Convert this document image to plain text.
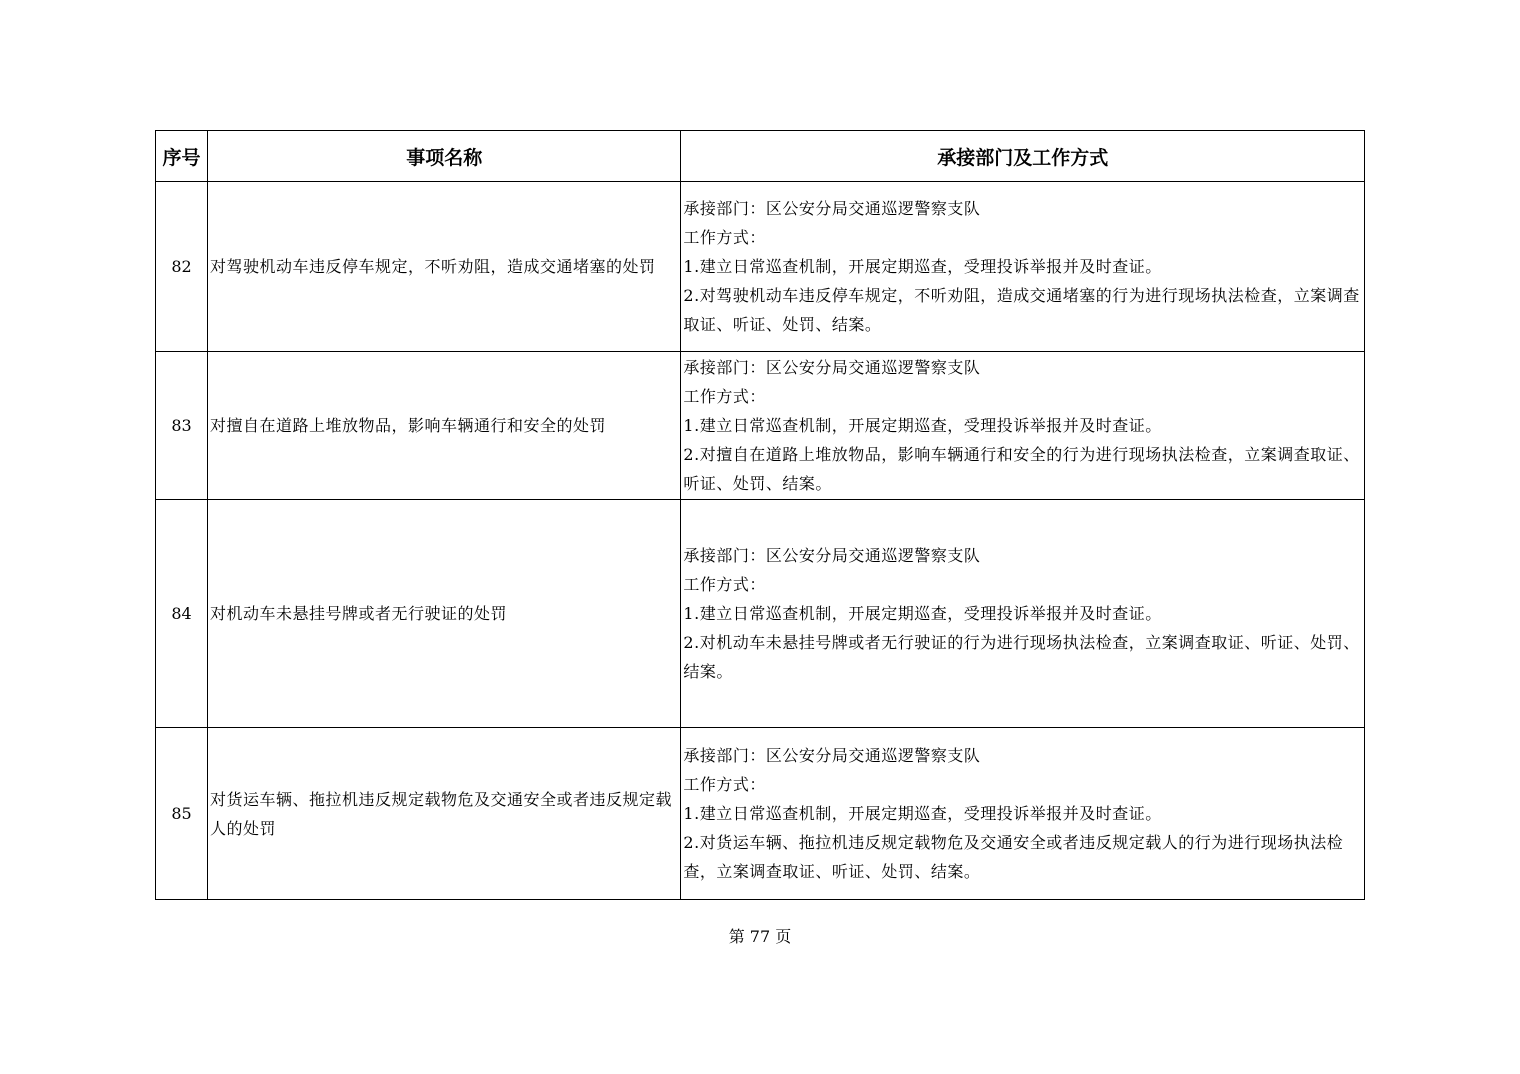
序号	事项名称	承接部门及工作方式
82	对驾驶机动车违反停车规定，不听劝阻，造成交通堵塞的处罚	承接部门：区公安分局交通巡逻警察支队
工作方式：
1.建立日常巡查机制，开展定期巡查，受理投诉举报并及时查证。
2.对驾驶机动车违反停车规定，不听劝阻，造成交通堵塞的行为进行现场执法检查，立案调查取证、听证、处罚、结案。

83	对擅自在道路上堆放物品，影响车辆通行和安全的处罚	承接部门：区公安分局交通巡逻警察支队
工作方式：
1.建立日常巡查机制，开展定期巡查，受理投诉举报并及时查证。
2.对擅自在道路上堆放物品，影响车辆通行和安全的行为进行现场执法检查，立案调查取证、听证、处罚、结案。

84	对机动车未悬挂号牌或者无行驶证的处罚	承接部门：区公安分局交通巡逻警察支队
工作方式：
1.建立日常巡查机制，开展定期巡查，受理投诉举报并及时查证。
2.对机动车未悬挂号牌或者无行驶证的行为进行现场执法检查，立案调查取证、听证、处罚、结案。

85	对货运车辆、拖拉机违反规定载物危及交通安全或者违反规定载人的处罚	承接部门：区公安分局交通巡逻警察支队
工作方式：
1.建立日常巡查机制，开展定期巡查，受理投诉举报并及时查证。
2.对货运车辆、拖拉机违反规定载物危及交通安全或者违反规定载人的行为进行现场执法检查，立案调查取证、听证、处罚、结案。
第 77 页
